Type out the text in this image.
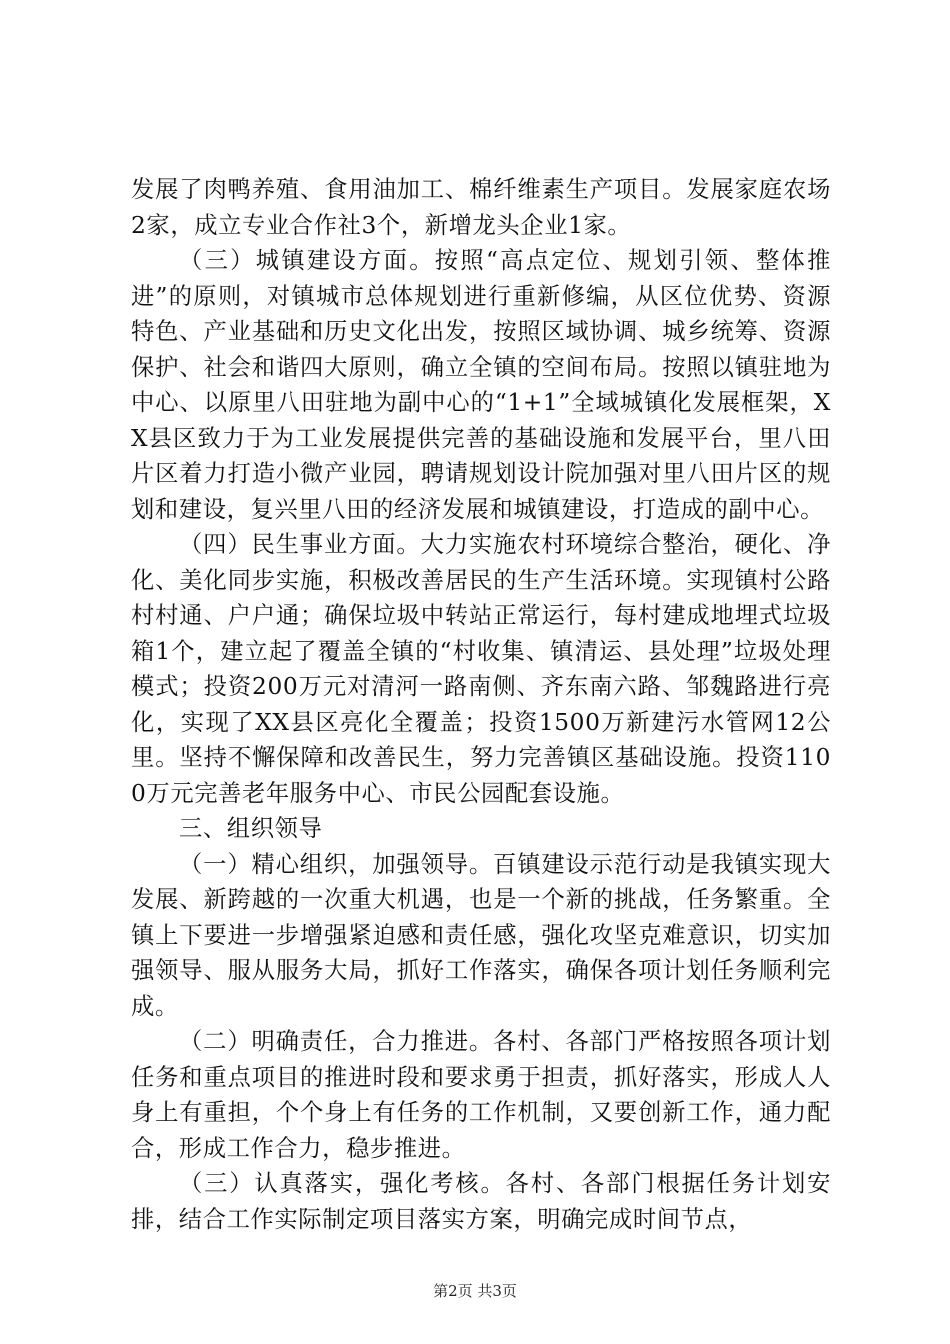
发展了肉鸭养殖、食用油加工、棉纤维素生产项目。发展家庭农场2家，成立专业合作社3个，新增龙头企业1家。

（三）城镇建设方面。按照“高点定位、规划引领、整体推进”的原则，对镇城市总体规划进行重新修编，从区位优势、资源特色、产业基础和历史文化出发，按照区域协调、城乡统筹、资源保护、社会和谐四大原则，确立全镇的空间布局。按照以镇驻地为中心、以原里八田驻地为副中心的“1+1”全域城镇化发展框架，XX县区致力于为工业发展提供完善的基础设施和发展平台，里八田片区着力打造小微产业园，聘请规划设计院加强对里八田片区的规划和建设，复兴里八田的经济发展和城镇建设，打造成的副中心。

（四）民生事业方面。大力实施农村环境综合整治，硬化、净化、美化同步实施，积极改善居民的生产生活环境。实现镇村公路村村通、户户通；确保垃圾中转站正常运行，每村建成地埋式垃圾箱1个，建立起了覆盖全镇的“村收集、镇清运、县处理”垃圾处理模式；投资200万元对清河一路南侧、齐东南六路、邹魏路进行亮化，实现了XX县区亮化全覆盖；投资1500万新建污水管网12公里。坚持不懈保障和改善民生，努力完善镇区基础设施。投资1100万元完善老年服务中心、市民公园配套设施。

三、组织领导

（一）精心组织，加强领导。百镇建设示范行动是我镇实现大发展、新跨越的一次重大机遇，也是一个新的挑战，任务繁重。全镇上下要进一步增强紧迫感和责任感，强化攻坚克难意识，切实加强领导、服从服务大局，抓好工作落实，确保各项计划任务顺利完成。

（二）明确责任，合力推进。各村、各部门严格按照各项计划任务和重点项目的推进时段和要求勇于担责，抓好落实，形成人人身上有重担，个个身上有任务的工作机制，又要创新工作，通力配合，形成工作合力，稳步推进。

（三）认真落实，强化考核。各村、各部门根据任务计划安排，结合工作实际制定项目落实方案，明确完成时间节点，

第2页 共3页
